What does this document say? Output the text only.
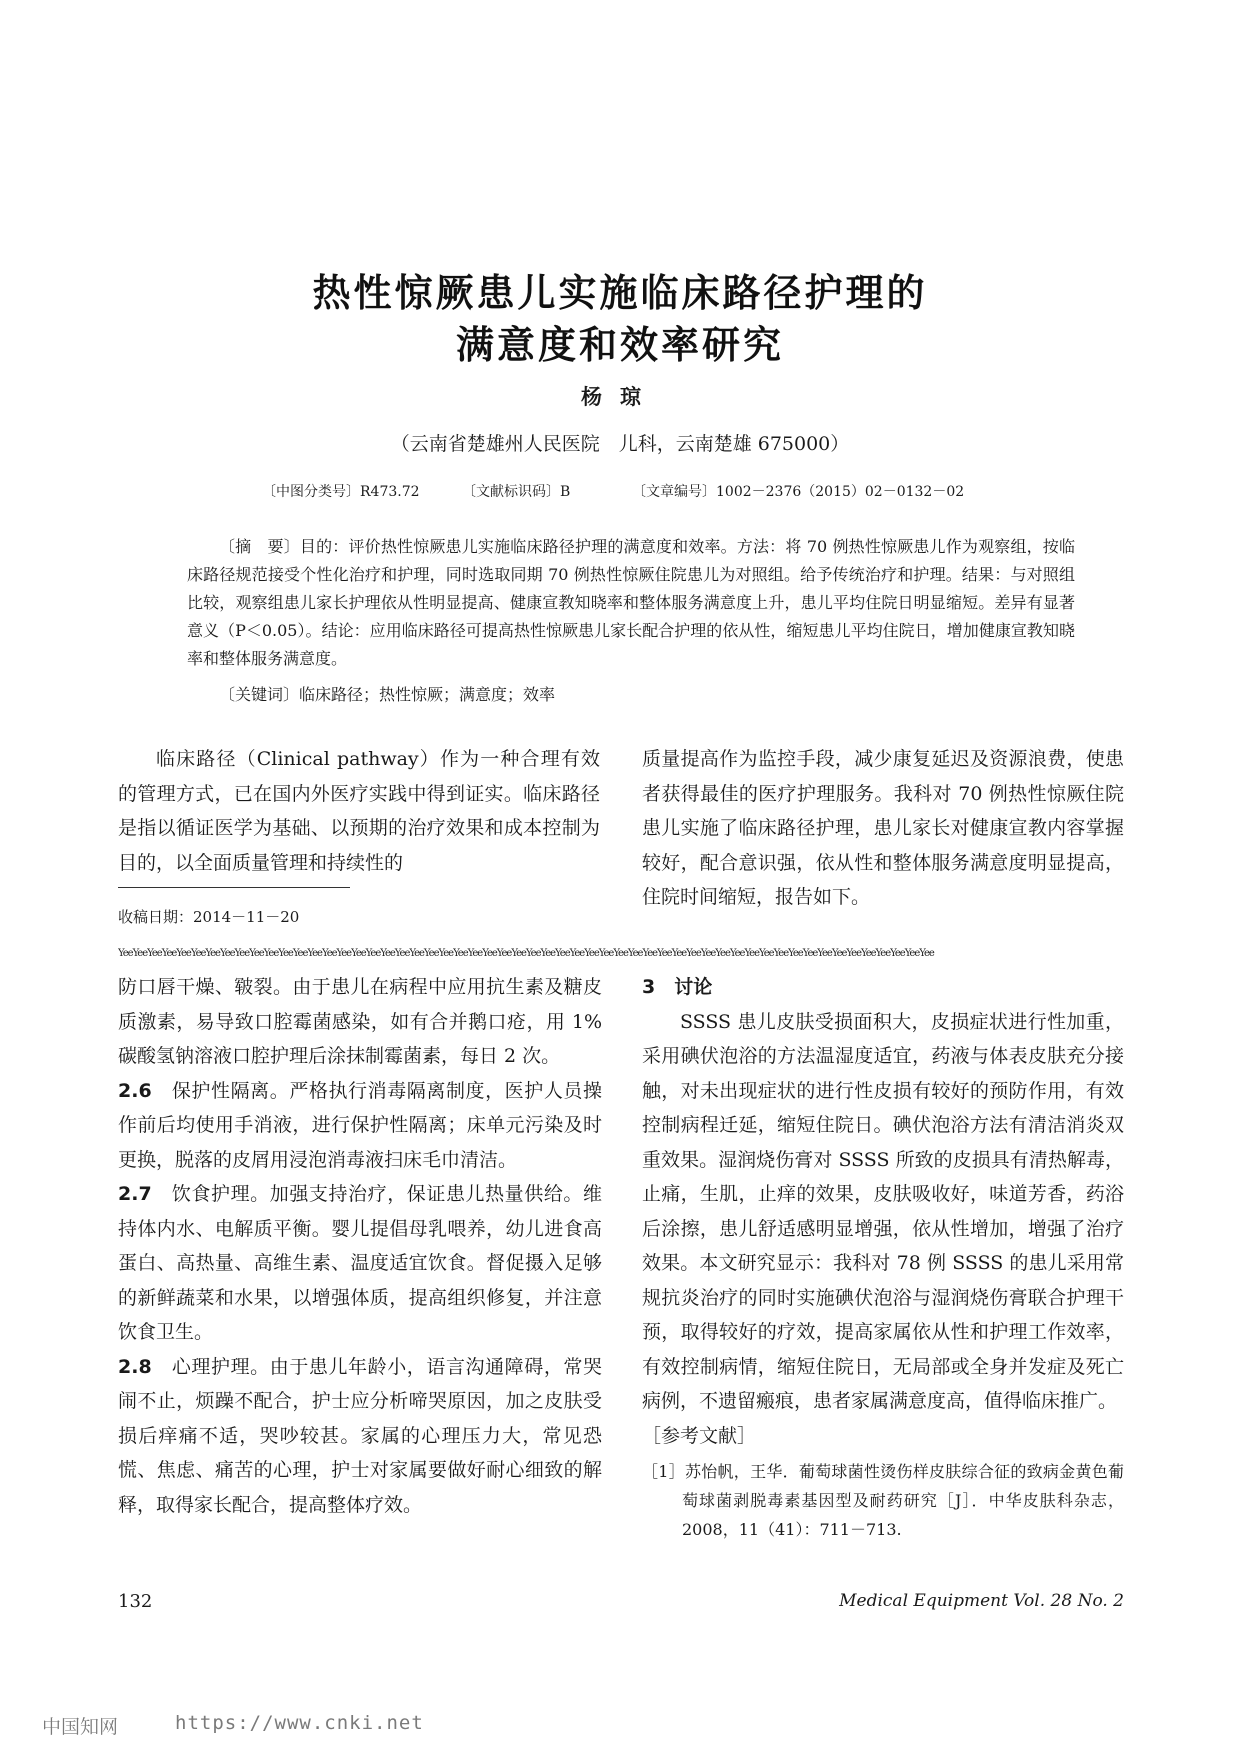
热性惊厥患儿实施临床路径护理的
满意度和效率研究
杨琼
（云南省楚雄州人民医院　儿科，云南楚雄 675000）
〔中图分类号〕R473.72	〔文献标识码〕B	〔文章编号〕1002－2376（2015）02－0132－02

〔摘　要〕目的：评价热性惊厥患儿实施临床路径护理的满意度和效率。方法：将 70 例热性惊厥患儿作为观察组，按临床路径规范接受个性化治疗和护理，同时选取同期 70 例热性惊厥住院患儿为对照组。给予传统治疗和护理。结果：与对照组比较，观察组患儿家长护理依从性明显提高、健康宣教知晓率和整体服务满意度上升，患儿平均住院日明显缩短。差异有显著意义（P＜0.05）。结论：应用临床路径可提高热性惊厥患儿家长配合护理的依从性，缩短患儿平均住院日，增加健康宣教知晓率和整体服务满意度。

〔关键词〕临床路径；热性惊厥；满意度；效率

临床路径（Clinical pathway）作为一种合理有效的管理方式，已在国内外医疗实践中得到证实。临床路径是指以循证医学为基础、以预期的治疗效果和成本控制为目的，以全面质量管理和持续性的

质量提高作为监控手段，减少康复延迟及资源浪费，使患者获得最佳的医疗护理服务。我科对 70 例热性惊厥住院患儿实施了临床路径护理，患儿家长对健康宣教内容掌握较好，配合意识强，依从性和整体服务满意度明显提高，住院时间缩短，报告如下。

收稿日期：2014－11－20
ŸeeŸeeŸeeŸeeŸeeŸeeŸeeŸeeŸeeŸeeŸeeŸeeŸeeŸeeŸeeŸeeŸeeŸeeŸeeŸeeŸeeŸeeŸeeŸeeŸeeŸeeŸeeŸeeŸeeŸeeŸeeŸeeŸeeŸeeŸeeŸeeŸeeŸeeŸeeŸeeŸeeŸeeŸeeŸeeŸeeŸeeŸeeŸeeŸeeŸeeŸeeŸeeŸeeŸeeŸeeŸee

防口唇干燥、皲裂。由于患儿在病程中应用抗生素及糖皮质激素，易导致口腔霉菌感染，如有合并鹅口疮，用 1% 碳酸氢钠溶液口腔护理后涂抹制霉菌素，每日 2 次。

2.6　 保护性隔离。严格执行消毒隔离制度，医护人员操作前后均使用手消液，进行保护性隔离；床单元污染及时更换，脱落的皮屑用浸泡消毒液扫床毛巾清洁。

2.7　 饮食护理。加强支持治疗，保证患儿热量供给。维持体内水、电解质平衡。婴儿提倡母乳喂养，幼儿进食高蛋白、高热量、高维生素、温度适宜饮食。督促摄入足够的新鲜蔬菜和水果，以增强体质，提高组织修复，并注意饮食卫生。

2.8　 心理护理。由于患儿年龄小，语言沟通障碍，常哭闹不止，烦躁不配合，护士应分析啼哭原因，加之皮肤受损后痒痛不适，哭吵较甚。家属的心理压力大，常见恐慌、焦虑、痛苦的心理，护士对家属要做好耐心细致的解释，取得家长配合，提高整体疗效。

3　讨论

SSSS 患儿皮肤受损面积大，皮损症状进行性加重，采用碘伏泡浴的方法温湿度适宜，药液与体表皮肤充分接触，对未出现症状的进行性皮损有较好的预防作用，有效控制病程迁延，缩短住院日。碘伏泡浴方法有清洁消炎双重效果。湿润烧伤膏对 SSSS 所致的皮损具有清热解毒，止痛，生肌，止痒的效果，皮肤吸收好，味道芳香，药浴后涂擦，患儿舒适感明显增强，依从性增加，增强了治疗效果。本文研究显示：我科对 78 例 SSSS 的患儿采用常规抗炎治疗的同时实施碘伏泡浴与湿润烧伤膏联合护理干预，取得较好的疗效，提高家属依从性和护理工作效率，有效控制病情，缩短住院日，无局部或全身并发症及死亡病例，不遗留瘢痕，患者家属满意度高，值得临床推广。

［参考文献］

［1］苏怡帆，王华．葡萄球菌性烫伤样皮肤综合征的致病金黄色葡萄球菌剥脱毒素基因型及耐药研究［J］．中华皮肤科杂志，2008，11（41）：711－713.

132	Medical Equipment Vol. 28 No. 2
中国知网	https://www.cnki.net
